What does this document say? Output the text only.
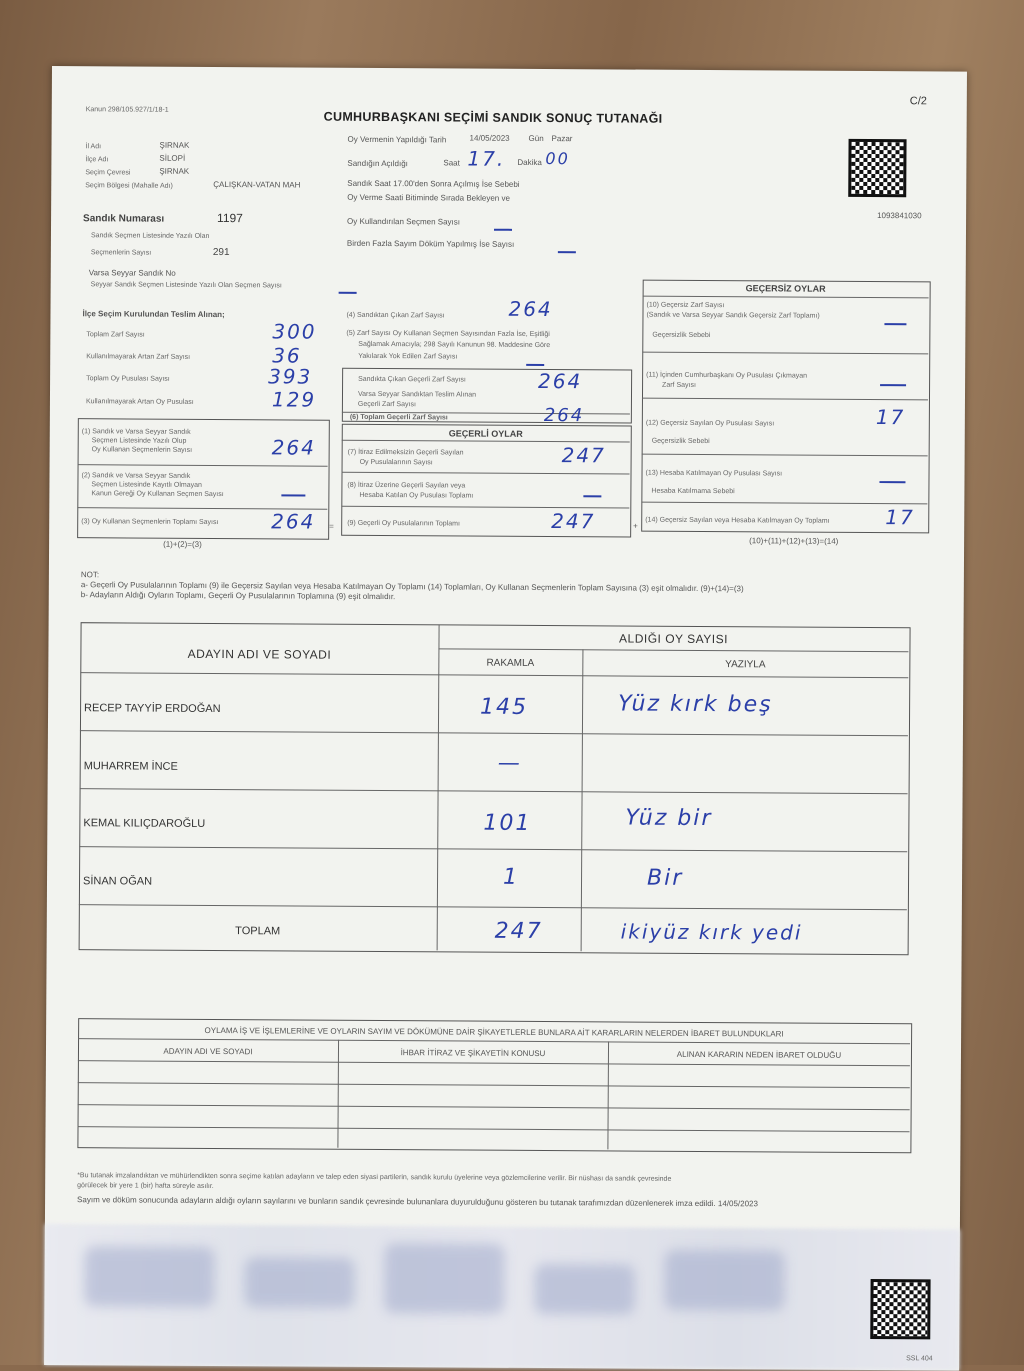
Kanun 298/105.927/1/18-1	CUMHURBAŞKANI SEÇİMİ SANDIK SONUÇ TUTANAĞI
C/2
1093841030
İl Adı	ŞIRNAK
İlçe Adı	SİLOPİ
Seçim Çevresi	ŞIRNAK
Seçim Bölgesi (Mahalle Adı)	ÇALIŞKAN-VATAN MAH
Oy Vermenin Yapıldığı Tarih	14/05/2023 Gün Pazar
Sandığın Açıldığı	Saat 17. Dakika 00
Sandık Saat 17.00'den Sonra Açılmış İse Sebebi
Oy Verme Saati Bitiminde Sırada Bekleyen ve
Oy Kullandırılan Seçmen Sayısı
Birden Fazla Sayım Döküm Yapılmış İse Sayısı
Sandık Numarası	1197
Sandık Seçmen Listesinde Yazılı Olan
Seçmenlerin Sayısı	291
Varsa Seyyar Sandık No
Seyyar Sandık Seçmen Listesinde Yazılı Olan Seçmen Sayısı
İlçe Seçim Kurulundan Teslim Alınan;
Toplam Zarf Sayısı	300
Kullanılmayarak Artan Zarf Sayısı	36
Toplam Oy Pusulası Sayısı	393
Kullanılmayarak Artan Oy Pusulası	129
(1) Sandık ve Varsa Seyyar Sandık
Seçmen Listesinde Yazılı Olup
Oy Kullanan Seçmenlerin Sayısı	264
(2) Sandık ve Varsa Seyyar Sandık
Seçmen Listesinde Kayıtlı Olmayan
Kanun Gereği Oy Kullanan Seçmen Sayısı
(3) Oy Kullanan Seçmenlerin Toplamı Sayısı	264 =
(1)+(2)=(3)
(4) Sandıktan Çıkan Zarf Sayısı	264
(5) Zarf Sayısı Oy Kullanan Seçmen Sayısından Fazla İse, Eşitliği
Sağlamak Amacıyla; 298 Sayılı Kanunun 98. Maddesine Göre
Yakılarak Yok Edilen Zarf Sayısı
Sandıkta Çıkan Geçerli Zarf Sayısı	264
Varsa Seyyar Sandıktan Teslim Alınan
Geçerli Zarf Sayısı
(6) Toplam Geçerli Zarf Sayısı	264
GEÇERLİ OYLAR
(7) İtiraz Edilmeksizin Geçerli Sayılan
Oy Pusulalarının Sayısı	247
(8) İtiraz Üzerine Geçerli Sayılan veya
Hesaba Katılan Oy Pusulası Toplamı
(9) Geçerli Oy Pusulalarının Toplamı	247	+
GEÇERSİZ OYLAR
(10) Geçersiz Zarf Sayısı
(Sandık ve Varsa Seyyar Sandık Geçersiz Zarf Toplamı)
Geçersizlik Sebebi
(11) İçinden Cumhurbaşkanı Oy Pusulası Çıkmayan
Zarf Sayısı
(12) Geçersiz Sayılan Oy Pusulası Sayısı	17
Geçersizlik Sebebi
(13) Hesaba Katılmayan Oy Pusulası Sayısı
Hesaba Katılmama Sebebi
(14) Geçersiz Sayılan veya Hesaba Katılmayan Oy Toplamı	17
(10)+(11)+(12)+(13)=(14)
NOT:
a- Geçerli Oy Pusulalarının Toplamı (9) ile Geçersiz Sayılan veya Hesaba Katılmayan Oy Toplamı (14) Toplamları, Oy Kullanan Seçmenlerin Toplam Sayısına (3) eşit olmalıdır. (9)+(14)=(3)
b- Adayların Aldığı Oyların Toplamı, Geçerli Oy Pusulalarının Toplamına (9) eşit olmalıdır.
ADAYIN ADI VE SOYADI
ALDIĞI OY SAYISI
RAKAMLA	YAZIYLA
RECEP TAYYİP ERDOĞAN	145	Yüz kırk beş
MUHARREM İNCE	—
KEMAL KILIÇDAROĞLU	101	Yüz bir
SİNAN OĞAN	1	Bir
TOPLAM	247	ikiyüz kırk yedi
OYLAMA İŞ VE İŞLEMLERİNE VE OYLARIN SAYIM VE DÖKÜMÜNE DAİR ŞİKAYETLERLE BUNLARA AİT KARARLARIN NELERDEN İBARET BULUNDUKLARI
ADAYIN ADI VE SOYADI	İHBAR İTİRAZ VE ŞİKAYETİN KONUSU	ALINAN KARARIN NEDEN İBARET OLDUĞU
*Bu tutanak imzalandıktan ve mühürlendikten sonra seçime katılan adayların ve talep eden siyasi partilerin, sandık kurulu üyelerine veya gözlemcilerine verilir. Bir nüshası da sandık çevresinde
görülecek bir yere 1 (bir) hafta süreyle asılır.
Sayım ve döküm sonucunda adayların aldığı oyların sayılarını ve bunların sandık çevresinde bulunanlara duyurulduğunu gösteren bu tutanak tarafımızdan düzenlenerek imza edildi. 14/05/2023
SSL 404
